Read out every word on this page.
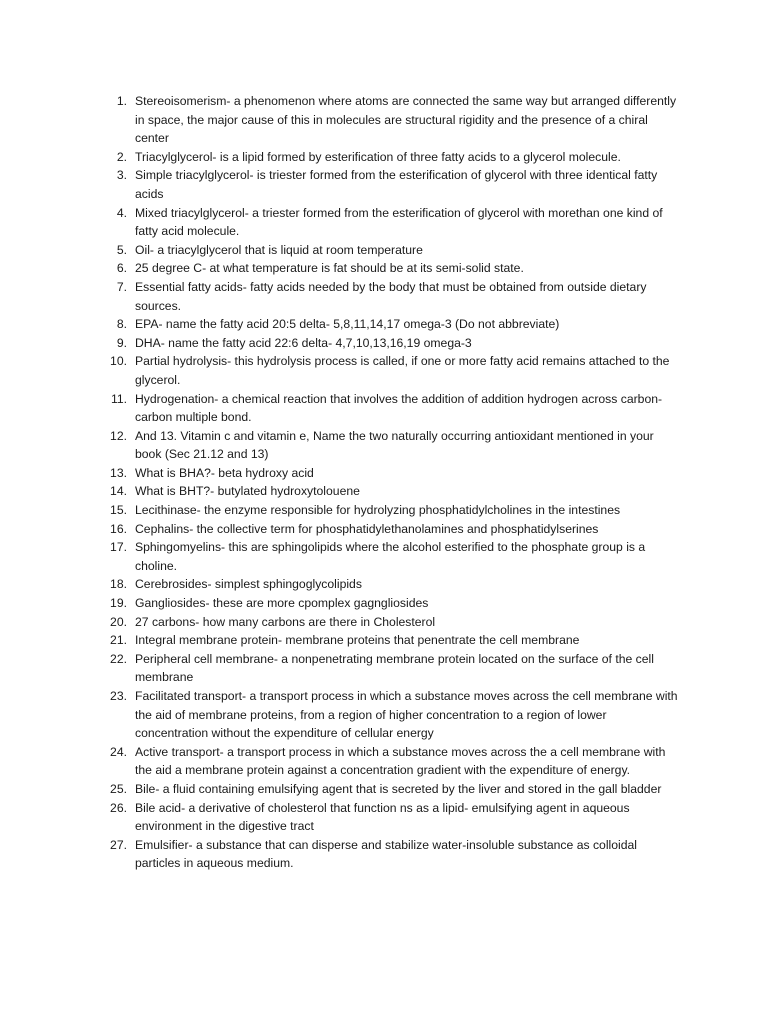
1. Stereoisomerism- a phenomenon where atoms are connected the same way but arranged differently in space, the major cause of this in molecules are structural rigidity and the presence of a chiral center
2. Triacylglycerol- is a lipid formed by esterification of three fatty acids to a glycerol molecule.
3. Simple triacylglycerol- is triester formed from the esterification of glycerol with three identical fatty acids
4. Mixed triacylglycerol- a triester formed from the esterification of glycerol with morethan one kind of fatty acid molecule.
5. Oil- a triacylglycerol that is liquid at room temperature
6. 25 degree C- at what temperature is fat should be at its semi-solid state.
7. Essential fatty acids- fatty acids needed by the body that must be obtained from outside dietary sources.
8. EPA- name the fatty acid 20:5 delta- 5,8,11,14,17 omega-3 (Do not abbreviate)
9. DHA- name the fatty acid 22:6 delta- 4,7,10,13,16,19 omega-3
10. Partial hydrolysis- this hydrolysis process is called, if one or more fatty acid remains attached to the glycerol.
11. Hydrogenation- a chemical reaction that involves the addition of addition hydrogen across carbon-carbon multiple bond.
12. And 13. Vitamin c and vitamin e, Name the two naturally occurring antioxidant mentioned in your book (Sec 21.12 and 13)
13. What is BHA?- beta hydroxy acid
14. What is BHT?- butylated hydroxytolouene
15. Lecithinase- the enzyme responsible for hydrolyzing phosphatidylcholines in the intestines
16. Cephalins- the collective term for phosphatidylethanolamines and phosphatidylserines
17. Sphingomyelins- this are sphingolipids where the alcohol esterified to the phosphate group is a choline.
18. Cerebrosides- simplest sphingoglycolipids
19. Gangliosides- these are more cpomplex gagngliosides
20. 27 carbons- how many carbons are there in Cholesterol
21. Integral membrane protein- membrane proteins that penentrate the cell membrane
22. Peripheral cell membrane- a nonpenetrating membrane protein located on the surface of the cell membrane
23. Facilitated transport- a transport process in which a substance moves across the cell membrane with the aid of membrane proteins, from a region of higher concentration to a region of lower concentration without the expenditure of cellular energy
24. Active transport- a transport process in which a substance moves across the a cell membrane with the aid a membrane protein against a concentration gradient with the expenditure of energy.
25. Bile- a fluid containing emulsifying agent that is secreted by the liver and stored in the gall bladder
26. Bile acid- a derivative of cholesterol that function ns as a lipid- emulsifying agent in aqueous environment in the digestive tract
27. Emulsifier- a substance that can disperse and stabilize water-insoluble substance as colloidal particles in aqueous medium.
